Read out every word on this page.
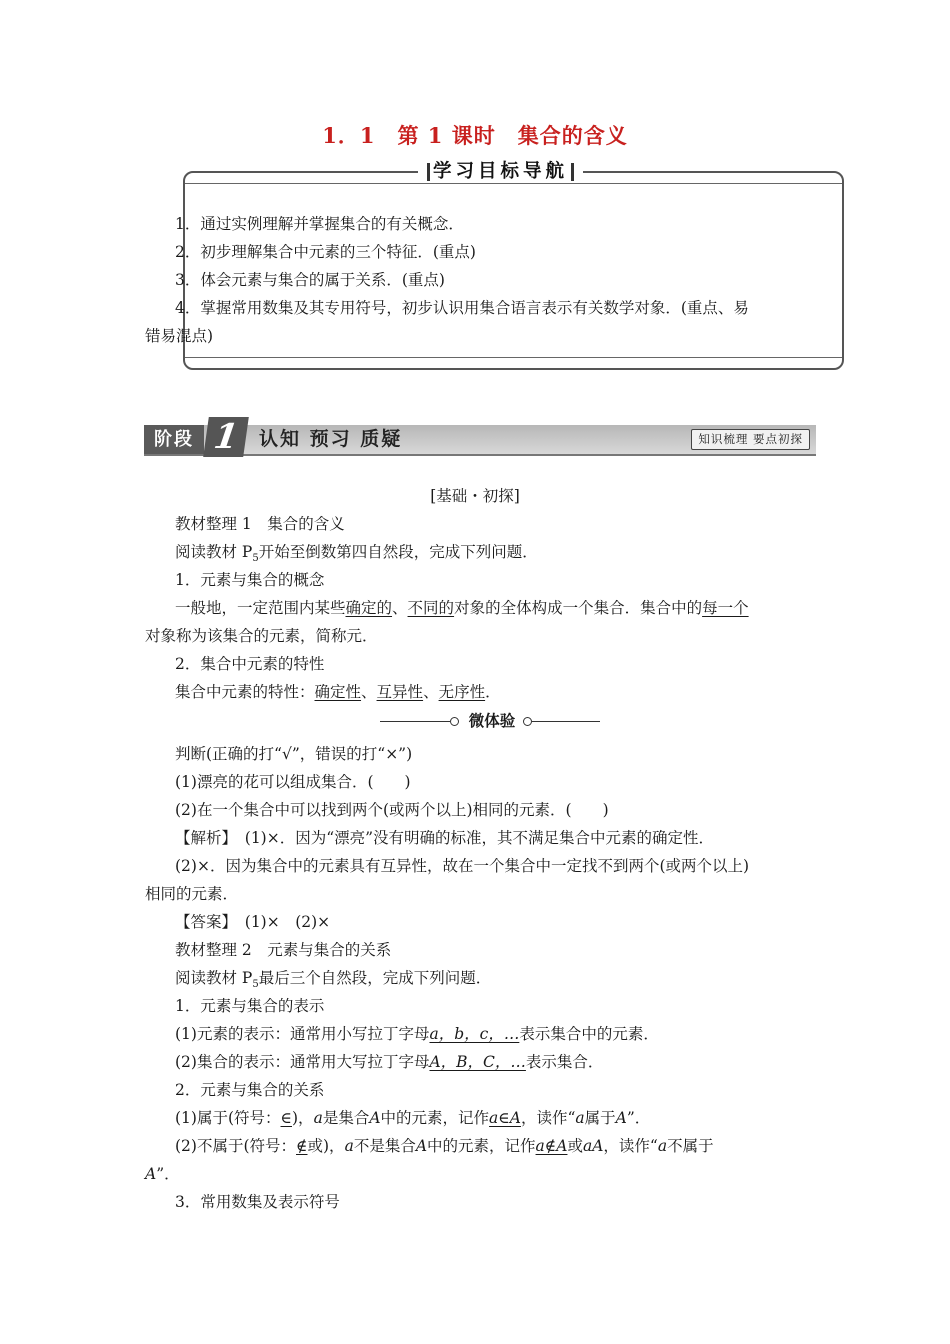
1．1　第 1 课时　集合的含义
学习目标导航
1．通过实例理解并掌握集合的有关概念．
2．初步理解集合中元素的三个特征．(重点)
3．体会元素与集合的属于关系．(重点)
4．掌握常用数集及其专用符号，初步认识用集合语言表示有关数学对象．(重点、易
错易混点)
阶段 1 认知 预习 质疑	知识梳理 要点初探
[基础・初探]
教材整理 1　集合的含义
阅读教材 $P_5$开始至倒数第四自然段，完成下列问题．
1．元素与集合的概念
一般地，一定范围内某些确定的、不同的对象的全体构成一个集合．集合中的每一个
对象称为该集合的元素，简称元．
2．集合中元素的特性
集合中元素的特性：确定性、互异性、无序性．
微体验
判断(正确的打“√”，错误的打“×”)
(1)漂亮的花可以组成集合．(　　)
(2)在一个集合中可以找到两个(或两个以上)相同的元素．(　　)
【解析】　(1)×．因为“漂亮”没有明确的标准，其不满足集合中元素的确定性．
(2)×．因为集合中的元素具有互异性，故在一个集合中一定找不到两个(或两个以上)
相同的元素．
【答案】　(1)×　(2)×
教材整理 2　元素与集合的关系
阅读教材 $P_5$最后三个自然段，完成下列问题．
1．元素与集合的表示
(1)元素的表示：通常用小写拉丁字母a，b，c，…表示集合中的元素．
(2)集合的表示：通常用大写拉丁字母A，B，C，…表示集合．
2．元素与集合的关系
(1)属于(符号：∈)，a是集合A中的元素，记作a∈A，读作“a属于A”．
(2)不属于(符号：∉或)，a不是集合A中的元素，记作a∉A或aA，读作“a不属于
A”．
3．常用数集及表示符号
